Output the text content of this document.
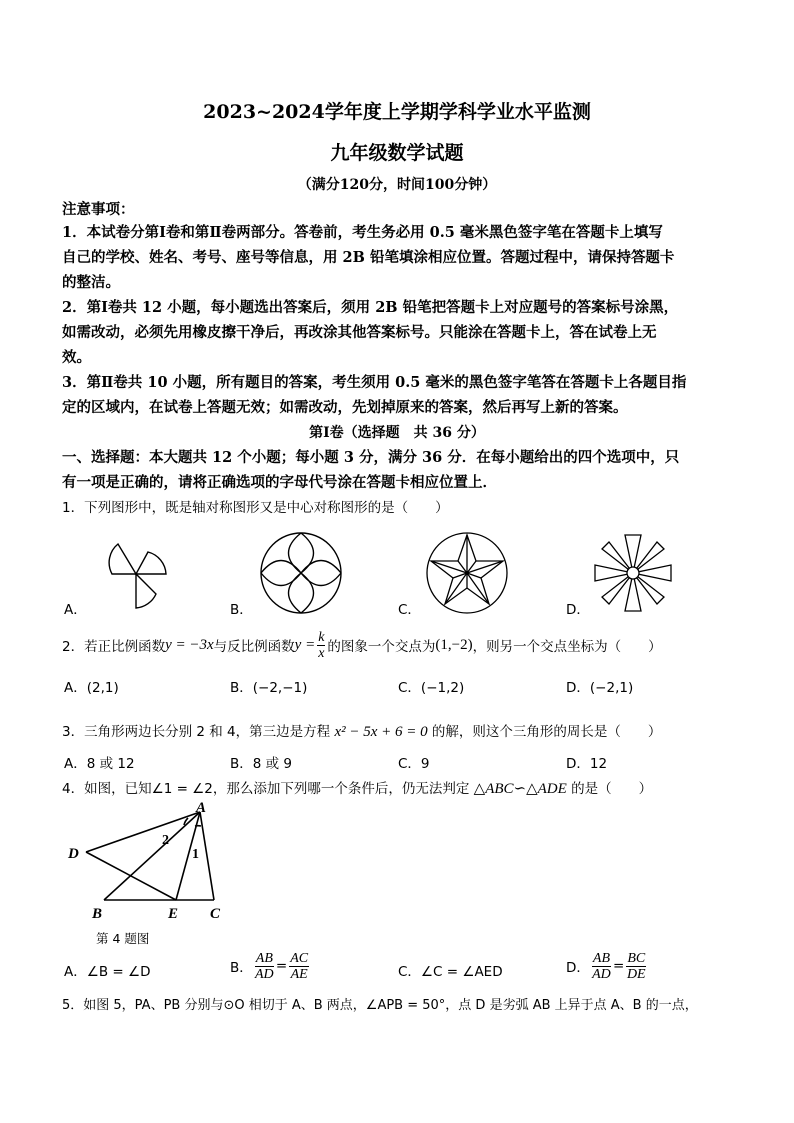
2023~2024学年度上学期学科学业水平监测
九年级数学试题
（满分120分，时间100分钟）
注意事项：
1．本试卷分第Ⅰ卷和第Ⅱ卷两部分。答卷前，考生务必用 0.5 毫米黑色签字笔在答题卡上填写
自己的学校、姓名、考号、座号等信息，用 2B 铅笔填涂相应位置。答题过程中，请保持答题卡
的整洁。
2．第Ⅰ卷共 12 小题，每小题选出答案后，须用 2B 铅笔把答题卡上对应题号的答案标号涂黑，
如需改动，必须先用橡皮擦干净后，再改涂其他答案标号。只能涂在答题卡上，答在试卷上无
效。
3．第Ⅱ卷共 10 小题，所有题目的答案，考生须用 0.5 毫米的黑色签字笔答在答题卡上各题目指
定的区域内，在试卷上答题无效；如需改动，先划掉原来的答案，然后再写上新的答案。
第Ⅰ卷（选择题　共 36 分）
一、选择题：本大题共 12 个小题；每小题 3 分，满分 36 分．在每小题给出的四个选项中，只
有一项是正确的，请将正确选项的字母代号涂在答题卡相应位置上．
1．下列图形中，既是轴对称图形又是中心对称图形的是（　　）
A．	B．	C．	D．
2．若正比例函数 y = −3x 与反比例函数 $y = \frac{k}{x}$ 的图象一个交点为 (1,−2) ，则另一个交点坐标为（　　）
A．(2,1)	B．(−2,−1)	C．(−1,2)	D．(−2,1)
3．三角形两边长分别 2 和 4，第三边是方程 x² − 5x + 6 = 0 的解，则这个三角形的周长是（　　）
A．8 或 12	B．8 或 9	C．9	D．12
4．如图，已知∠1 = ∠2，那么添加下列哪一个条件后，仍无法判定 △ABC∽△ADE 的是（　　）
A
D
B	E C
2
1
第 4 题图
A．∠B = ∠D	B． $\frac{AB}{AD} = \frac{AC}{AE}$	C．∠C = ∠AED	D． $\frac{AB}{AD} = \frac{BC}{DE}$
5．如图 5，PA、PB 分别与⊙O 相切于 A、B 两点，∠APB = 50°，点 D 是劣弧 AB 上异于点 A、B 的一点，
